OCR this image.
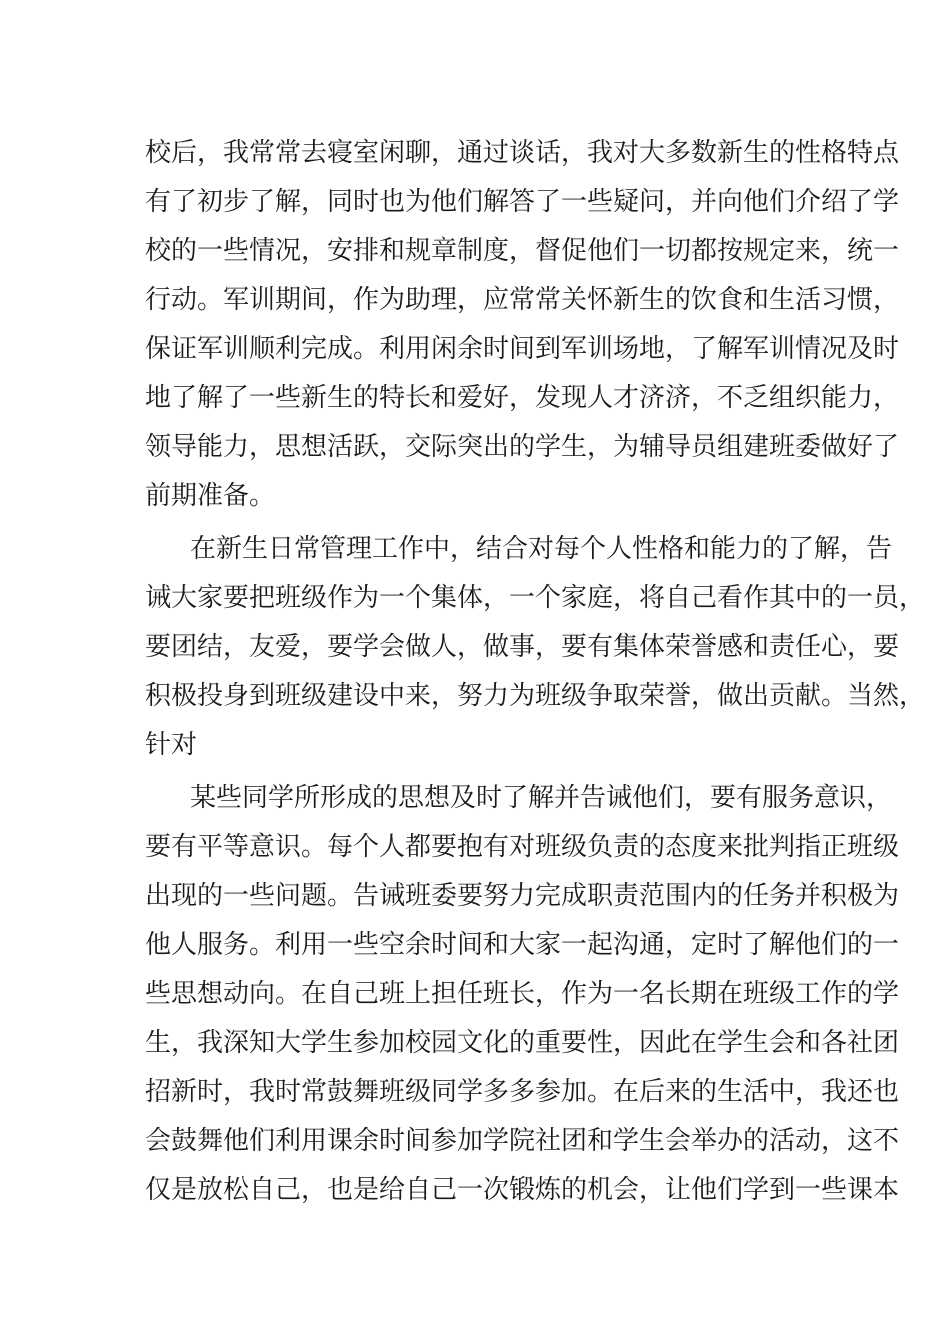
校后，我常常去寝室闲聊，通过谈话，我对大多数新生的性格特点
有了初步了解，同时也为他们解答了一些疑问，并向他们介绍了学
校的一些情况，安排和规章制度，督促他们一切都按规定来，统一
行动。军训期间，作为助理，应常常关怀新生的饮食和生活习惯，
保证军训顺利完成。利用闲余时间到军训场地，了解军训情况及时
地了解了一些新生的特长和爱好，发现人才济济，不乏组织能力，
领导能力，思想活跃，交际突出的学生，为辅导员组建班委做好了
前期准备。
在新生日常管理工作中，结合对每个人性格和能力的了解，告
诫大家要把班级作为一个集体，一个家庭，将自己看作其中的一员，
要团结，友爱，要学会做人，做事，要有集体荣誉感和责任心，要
积极投身到班级建设中来，努力为班级争取荣誉，做出贡献。当然，
针对
某些同学所形成的思想及时了解并告诫他们，要有服务意识，
要有平等意识。每个人都要抱有对班级负责的态度来批判指正班级
出现的一些问题。告诫班委要努力完成职责范围内的任务并积极为
他人服务。利用一些空余时间和大家一起沟通，定时了解他们的一
些思想动向。在自己班上担任班长，作为一名长期在班级工作的学
生，我深知大学生参加校园文化的重要性，因此在学生会和各社团
招新时，我时常鼓舞班级同学多多参加。在后来的生活中，我还也
会鼓舞他们利用课余时间参加学院社团和学生会举办的活动，这不
仅是放松自己，也是给自己一次锻炼的机会，让他们学到一些课本
